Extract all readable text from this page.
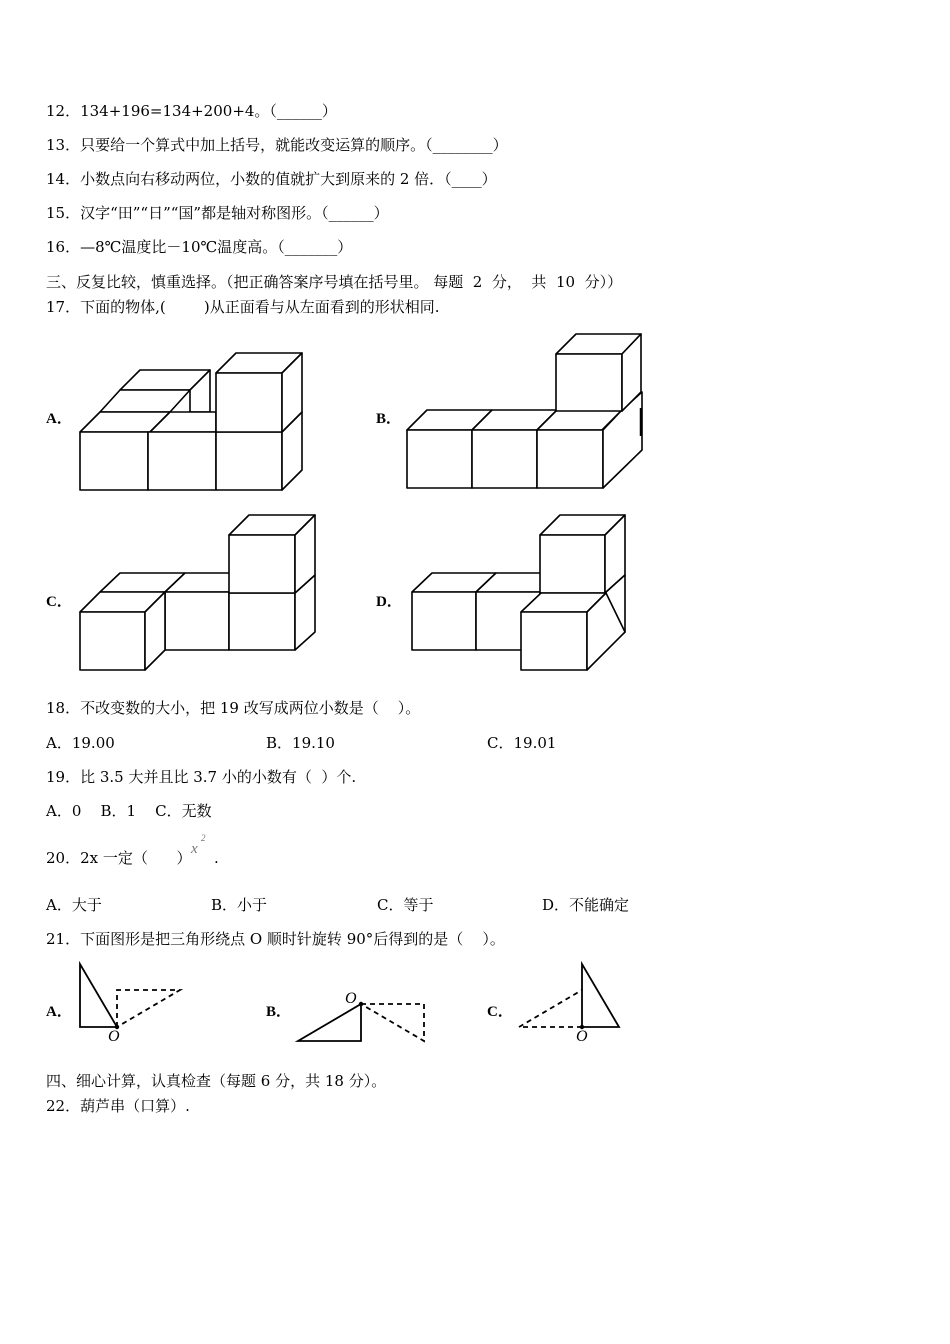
12．134+196=134+200+4。（______）
13．只要给一个算式中加上括号，就能改变运算的顺序。（________）
14．小数点向右移动两位，小数的值就扩大到原来的 2 倍．（____）
15．汉字“田”“日”“国”都是轴对称图形。（______）
16．—8℃温度比－10℃温度高。（_______）
三、反复比较，慎重选择。（把正确答案序号填在括号里。 每题  2  分，  共  10  分））
17．下面的物体,(        )从正面看与从左面看到的形状相同.
A．	B．
C．	D．
18．不改变数的大小，把 19 改写成两位小数是（    ）。
A．19.00	B．19.10	C．19.01
19．比 3.5 大并且比 3.7 小的小数有（  ）个.
A．0    B．1    C．无数
20．2x 一定（      ） x
2
.
A．大于	B．小于	C．等于	D．不能确定
21．下面图形是把三角形绕点 O 顺时针旋转 90°后得到的是（    ）。
A．	B．	C．
O
O
O
四、细心计算，认真检查（每题 6 分，共 18 分）。
22．葫芦串（口算）.
